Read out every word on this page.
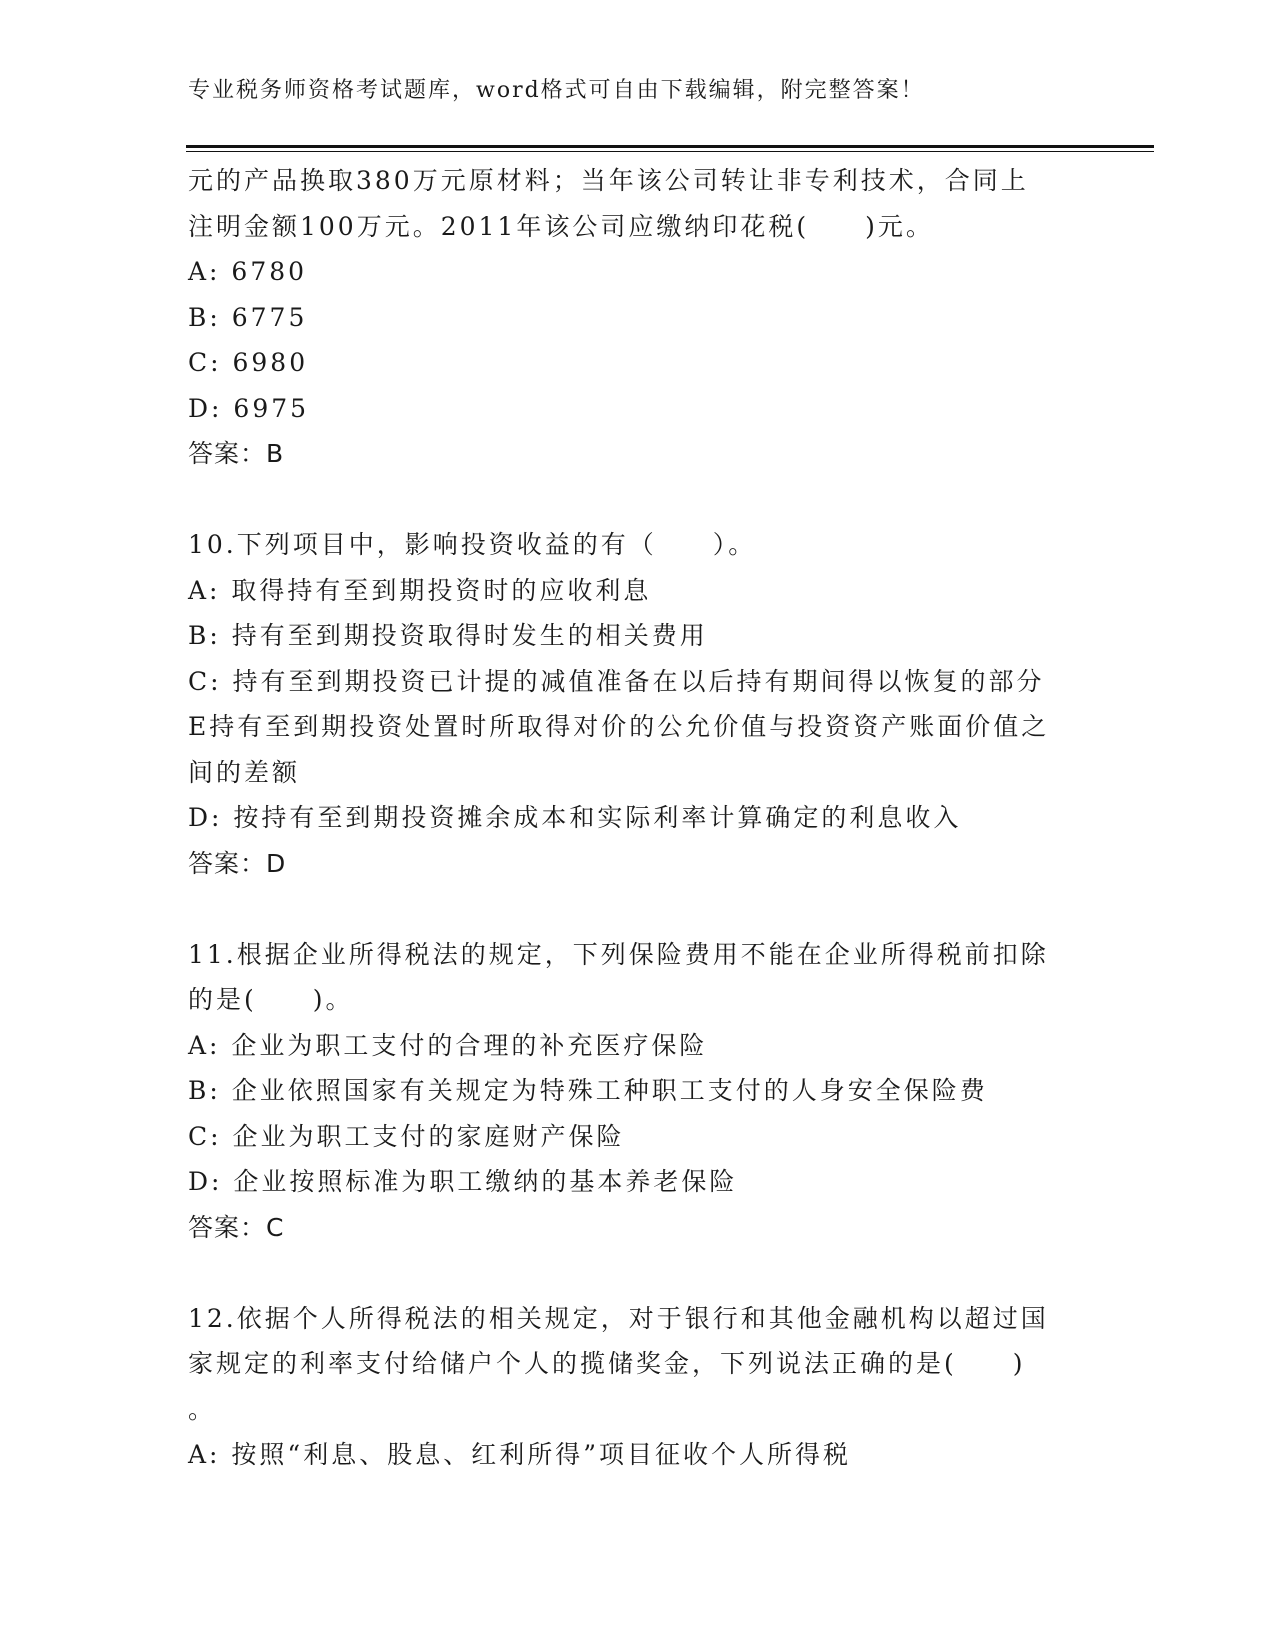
专业税务师资格考试题库，word格式可自由下载编辑，附完整答案！
元的产品换取380万元原材料；当年该公司转让非专利技术，合同上
注明金额100万元。2011年该公司应缴纳印花税(　　)元。
A: 6780
B: 6775
C: 6980
D: 6975
答案：B
10.下列项目中，影响投资收益的有（　　）。
A: 取得持有至到期投资时的应收利息
B: 持有至到期投资取得时发生的相关费用
C: 持有至到期投资已计提的减值准备在以后持有期间得以恢复的部分
E持有至到期投资处置时所取得对价的公允价值与投资资产账面价值之
间的差额
D: 按持有至到期投资摊余成本和实际利率计算确定的利息收入
答案：D
11.根据企业所得税法的规定，下列保险费用不能在企业所得税前扣除
的是(　　)。
A: 企业为职工支付的合理的补充医疗保险
B: 企业依照国家有关规定为特殊工种职工支付的人身安全保险费
C: 企业为职工支付的家庭财产保险
D: 企业按照标准为职工缴纳的基本养老保险
答案：C
12.依据个人所得税法的相关规定，对于银行和其他金融机构以超过国
家规定的利率支付给储户个人的揽储奖金，下列说法正确的是(　　)
。
A: 按照“利息、股息、红利所得”项目征收个人所得税
